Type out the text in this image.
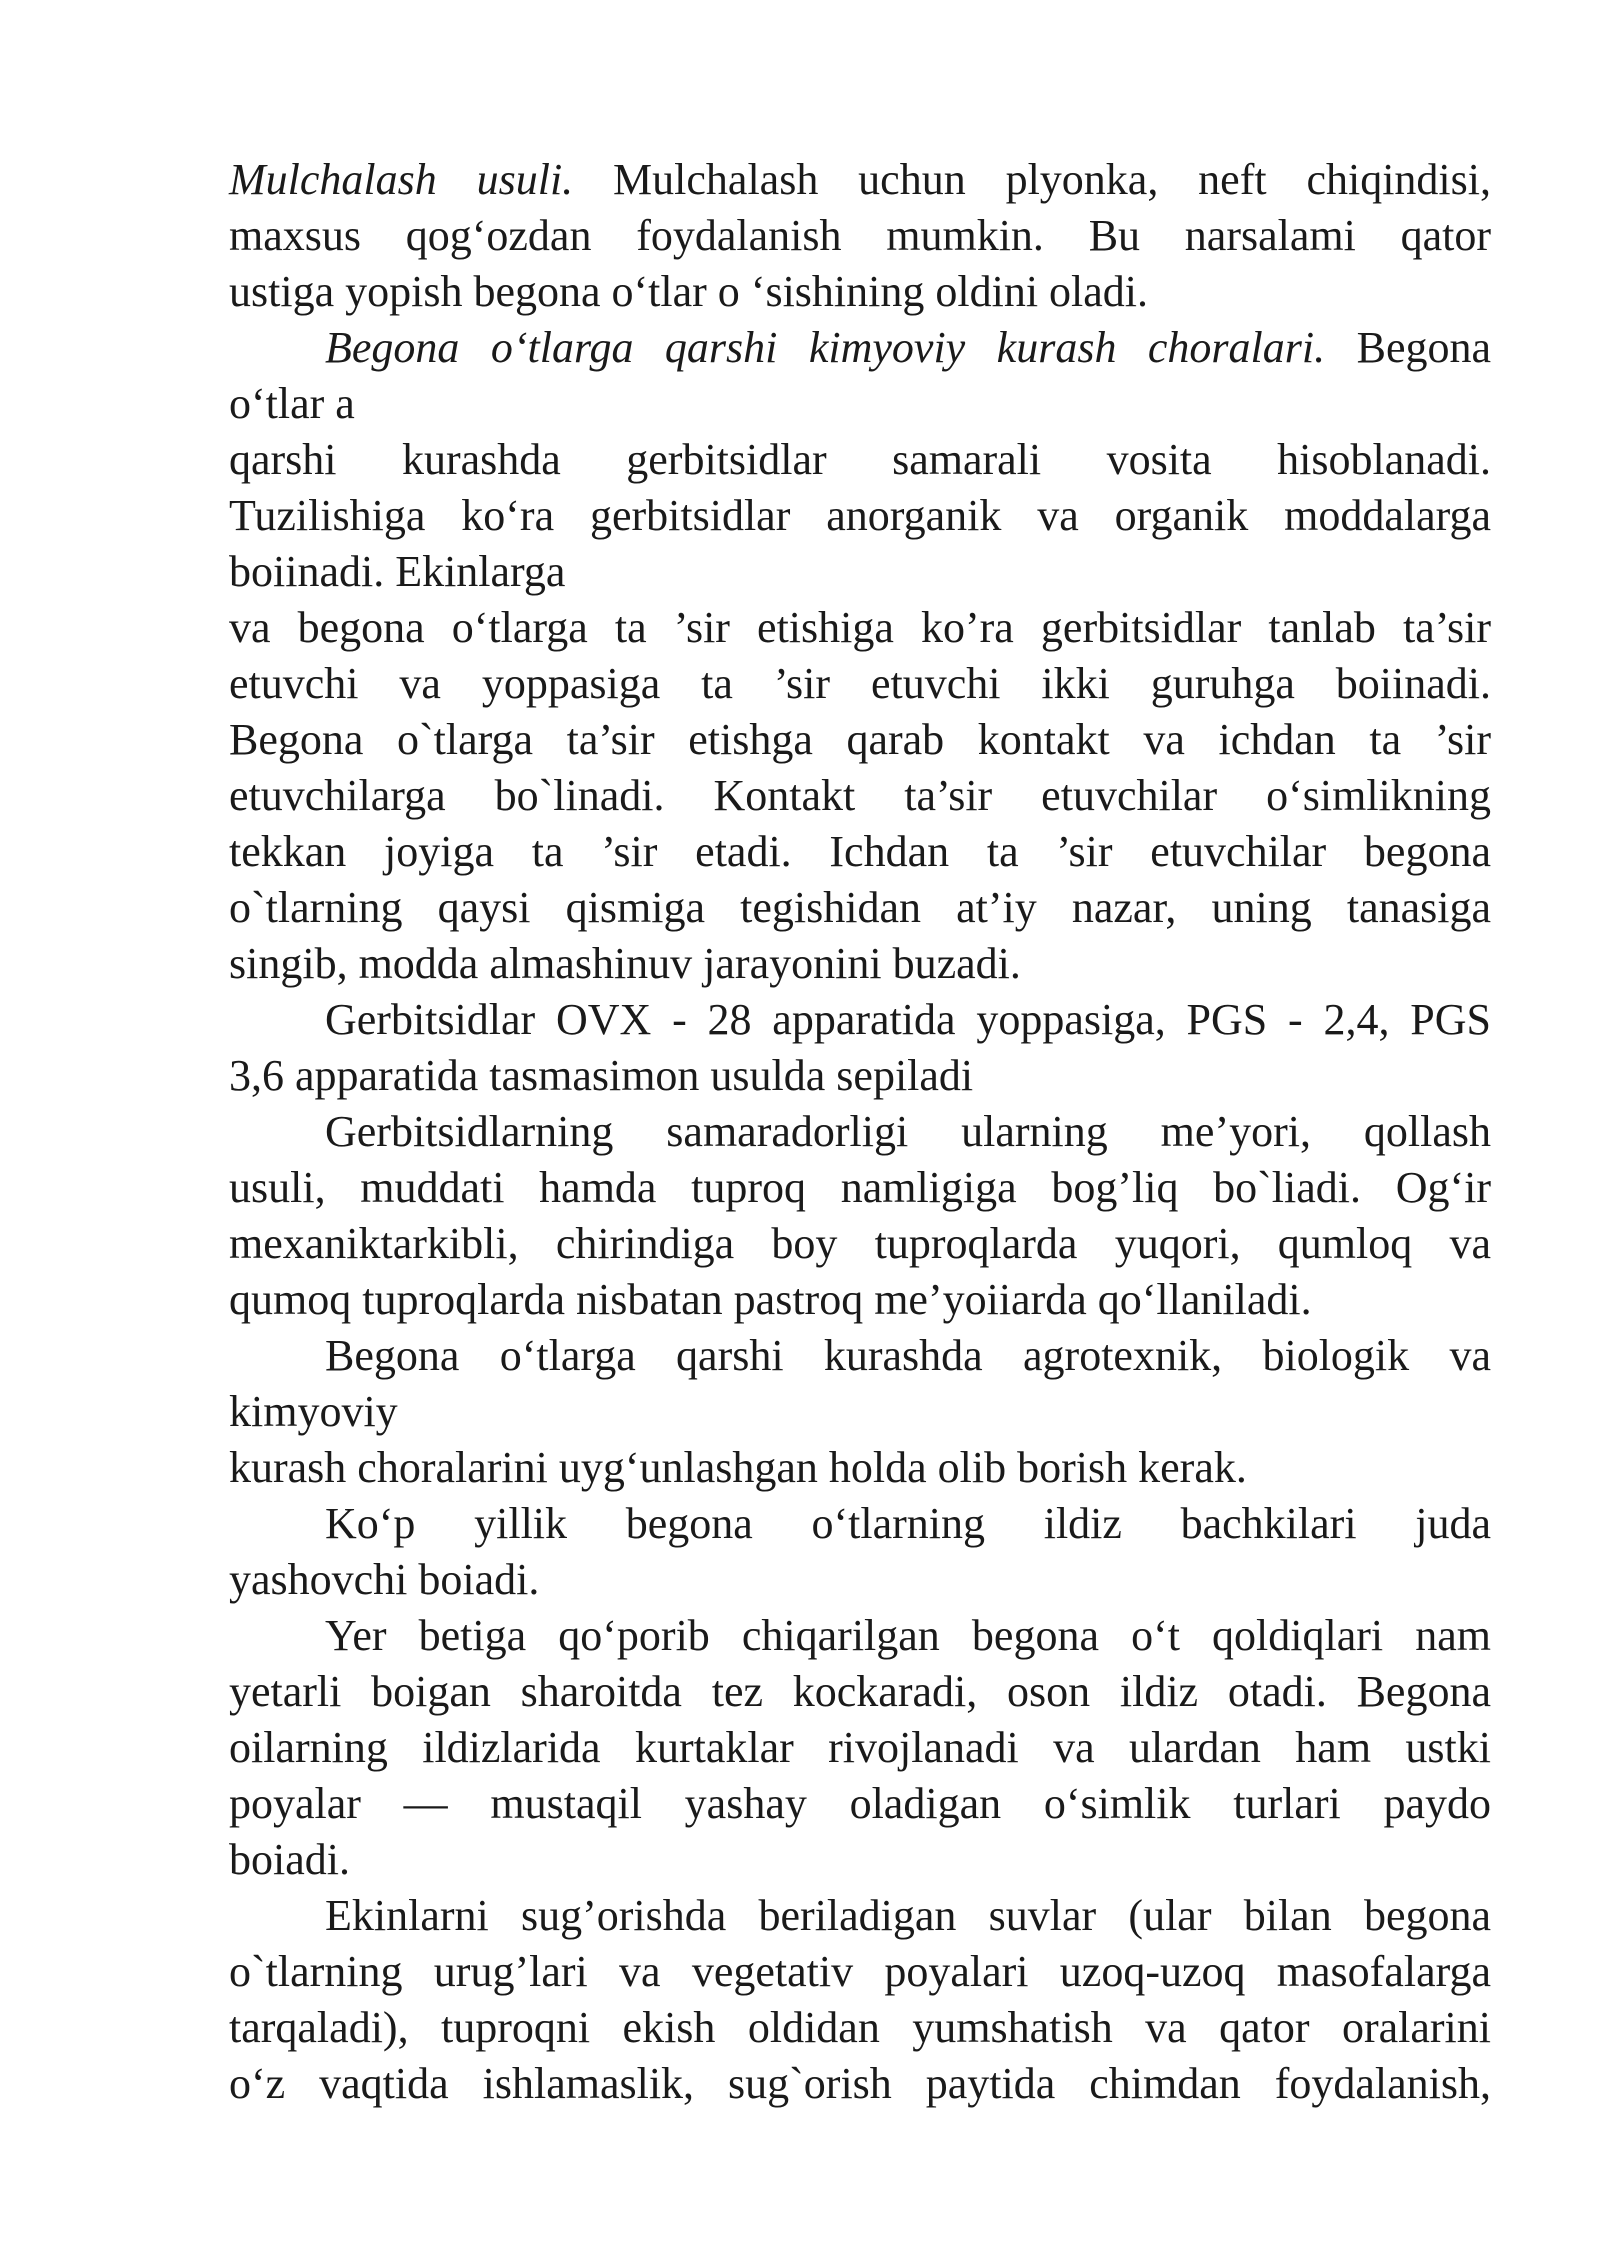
Mulchalash usuli. Mulchalash uchun plyonka, neft chiqindisi,
maxsus qog‘ozdan foydalanish mumkin. Bu narsalami qator
ustiga yopish begona o‘tlar o ‘sishining oldini oladi.
Begona o‘tlarga qarshi kimyoviy kurash choralari. Begona
o‘tlar a
qarshi kurashda gerbitsidlar samarali vosita hisoblanadi.
Tuzilishiga ko‘ra gerbitsidlar anorganik va organik moddalarga
boiinadi. Ekinlarga
va begona o‘tlarga ta ’sir etishiga ko’ra gerbitsidlar tanlab ta’sir
etuvchi va yoppasiga ta ’sir etuvchi ikki guruhga boiinadi.
Begona o`tlarga ta’sir etishga qarab kontakt va ichdan ta ’sir
etuvchilarga bo`linadi. Kontakt ta’sir etuvchilar o‘simlikning
tekkan joyiga ta ’sir etadi. Ichdan ta ’sir etuvchilar begona
o`tlarning qaysi qismiga tegishidan at’iy nazar, uning tanasiga
singib, modda almashinuv jarayonini buzadi.
Gerbitsidlar OVX - 28 apparatida yoppasiga, PGS - 2,4, PGS
3,6 apparatida tasmasimon usulda sepiladi
Gerbitsidlarning samaradorligi ularning me’yori, qollash
usuli, muddati hamda tuproq namligiga bog’liq bo`liadi. Og‘ir
mexaniktarkibli, chirindiga boy tuproqlarda yuqori, qumloq va
qumoq tuproqlarda nisbatan pastroq me’yoiiarda qo‘llaniladi.
Begona o‘tlarga qarshi kurashda agrotexnik, biologik va
kimyoviy
kurash choralarini uyg‘unlashgan holda olib borish kerak.
Ko‘p yillik begona o‘tlarning ildiz bachkilari juda
yashovchi boiadi.
Yer betiga qo‘porib chiqarilgan begona o‘t qoldiqlari nam
yetarli boigan sharoitda tez kockaradi, oson ildiz otadi. Begona
oilarning ildizlarida kurtaklar rivojlanadi va ulardan ham ustki
poyalar — mustaqil yashay oladigan o‘simlik turlari paydo
boiadi.
Ekinlarni sug’orishda beriladigan suvlar (ular bilan begona
o`tlarning urug’lari va vegetativ poyalari uzoq-uzoq masofalarga
tarqaladi), tuproqni ekish oldidan yumshatish va qator oralarini
o‘z vaqtida ishlamaslik, sug`orish paytida chimdan foydalanish,
